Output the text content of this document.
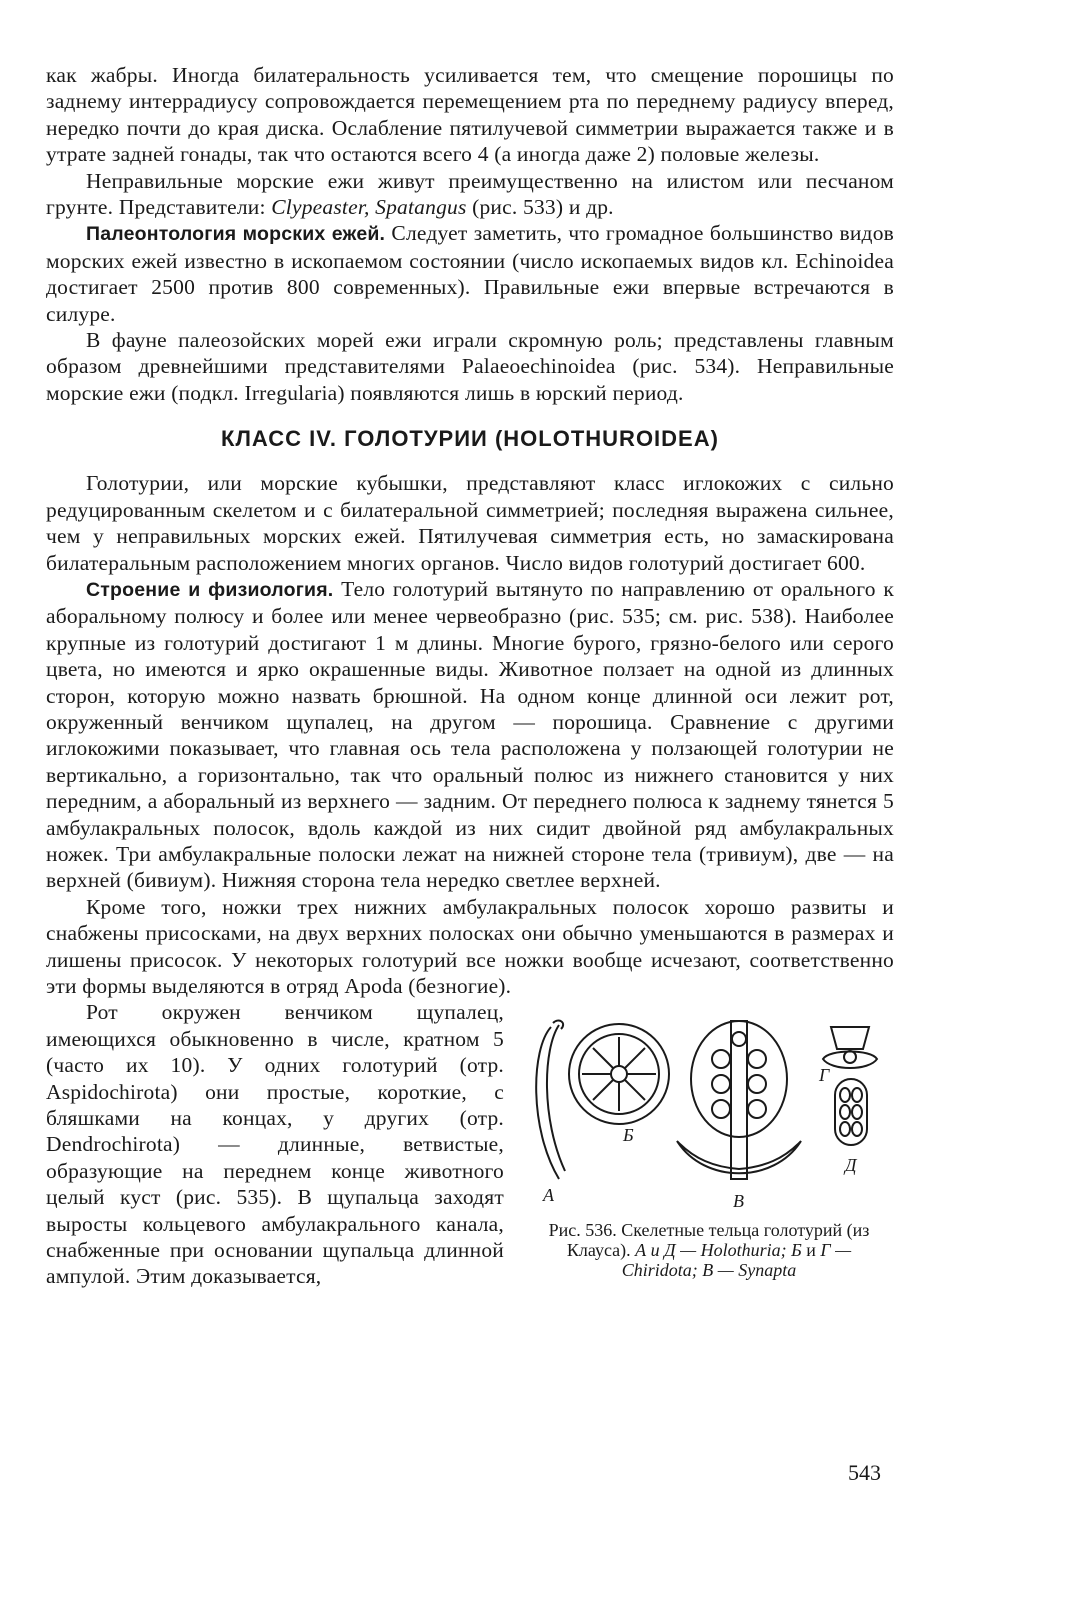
как жабры. Иногда билатеральность усиливается тем, что смещение порошицы по заднему интеррадиусу сопровождается перемещением рта по переднему радиусу вперед, нередко почти до края диска. Ослабление пятилучевой симметрии выражается также и в утрате задней гонады, так что остаются всего 4 (а иногда даже 2) половые железы.

Неправильные морские ежи живут преимущественно на илистом или песчаном грунте. Представители: Clypeaster, Spatangus (рис. 533) и др.

Палеонтология морских ежей. Следует заметить, что громадное большинство видов морских ежей известно в ископаемом состоянии (число ископаемых видов кл. Echinoidea достигает 2500 против 800 современных). Правильные ежи впервые встречаются в силуре.

В фауне палеозойских морей ежи играли скромную роль; представлены главным образом древнейшими представителями Palaeoechinoidea (рис. 534). Неправильные морские ежи (подкл. Irregularia) появляются лишь в юрский период.

КЛАСС IV. ГОЛОТУРИИ (HOLOTHUROIDEA)

Голотурии, или морские кубышки, представляют класс иглокожих с сильно редуцированным скелетом и с билатеральной симметрией; последняя выражена сильнее, чем у неправильных морских ежей. Пятилучевая симметрия есть, но замаскирована билатеральным расположением многих органов. Число видов голотурий достигает 600.

Строение и физиология. Тело голотурий вытянуто по направлению от орального к аборальному полюсу и более или менее червеобразно (рис. 535; см. рис. 538). Наиболее крупные из голотурий достигают 1 м длины. Многие бурого, грязно-белого или серого цвета, но имеются и ярко окрашенные виды. Животное ползает на одной из длинных сторон, которую можно назвать брюшной. На одном конце длинной оси лежит рот, окруженный венчиком щупалец, на другом — порошица. Сравнение с другими иглокожими показывает, что главная ось тела расположена у ползающей голотурии не вертикально, а горизонтально, так что оральный полюс из нижнего становится у них передним, а аборальный из верхнего — задним. От переднего полюса к заднему тянется 5 амбулакральных полосок, вдоль каждой из них сидит двойной ряд амбулакральных ножек. Три амбулакральные полоски лежат на нижней стороне тела (тривиум), две — на верхней (бивиум). Нижняя сторона тела нередко светлее верхней.

Кроме того, ножки трех нижних амбулакральных полосок хорошо развиты и снабжены присосками, на двух верхних полосках они обычно уменьшаются в размерах и лишены присосок. У некоторых голотурий все ножки вообще исчезают, соответственно эти формы выделяются в отряд Apoda (безногие).

Рот окружен венчиком щупалец, имеющихся обыкновенно в числе, кратном 5 (часто их 10). У одних голотурий (отр. Aspidochirota) они простые, короткие, с бляшками на концах, у других (отр. Dendrochirota) — длинные, ветвистые, образующие на переднем конце животного целый куст (рис. 535). В щупальца заходят выросты кольцевого амбулакрального канала, снабженные при основании щупальца длинной ампулой. Этим доказывается,

А
Б
В
Г
Д
Рис. 536. Скелетные тельца голотурий (из Клауса). А и Д — Holothuria; Б и Г — Chiridota; В — Synapta
543
